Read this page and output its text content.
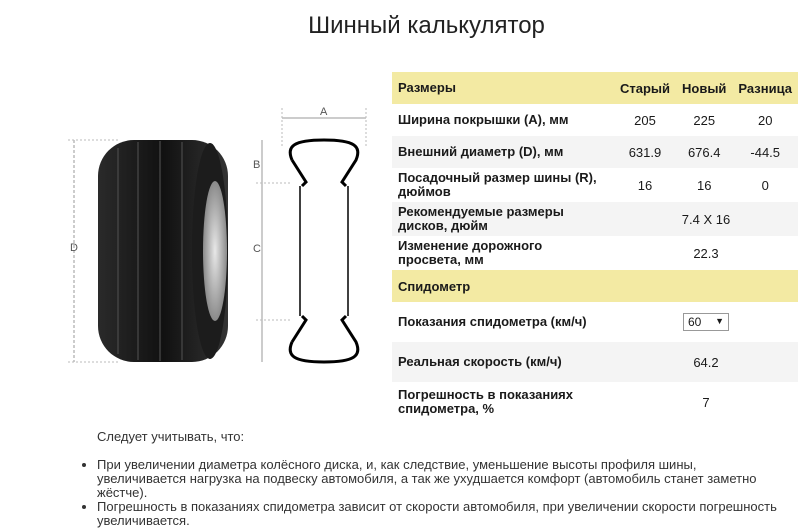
Шинный калькулятор
D
A
B
C
Размеры	Старый	Новый	Разница
Ширина покрышки (A), мм	205	225	20
Внешний диаметр (D), мм	631.9	676.4	-44.5
Посадочный размер шины (R), дюймов	16	16	0
Рекомендуемые размеры дисков, дюйм	7.4 X 16		
Изменение дорожного просвета, мм	22.3		
Спидометр			
Показания спидометра (км/ч)	60 ▼		

Реальная скорость (км/ч)	64.2		
Погрешность в показаниях спидометра, %	7		
Следует учитывать, что:
• При увеличении диаметра колёсного диска, и, как следствие, уменьшение высоты профиля шины, увеличивается нагрузка на подвеску автомобиля, а так же ухудшается комфорт (автомобиль станет заметно жёстче).
• Погрешность в показаниях спидометра зависит от скорости автомобиля, при увеличении скорости погрешность увеличивается.
